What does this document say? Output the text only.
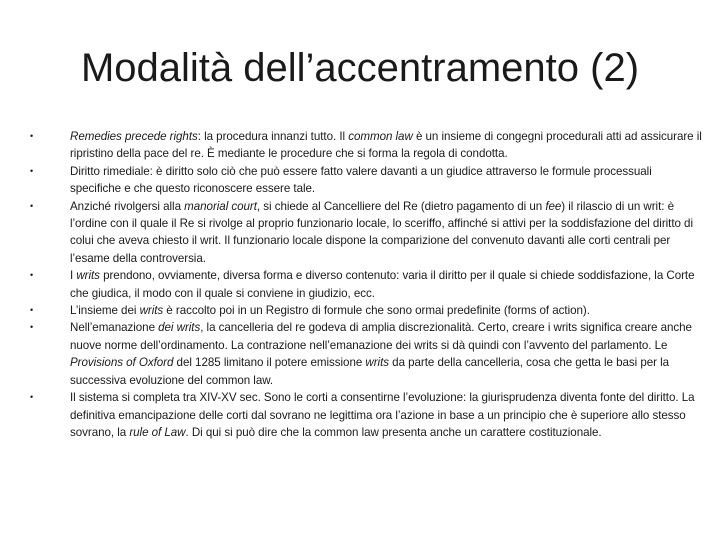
Modalità dell’accentramento (2)
•	Remedies precede rights: la procedura innanzi tutto. Il common law è un insieme di congegni procedurali atti ad assicurare il ripristino della pace del re. È mediante le procedure che si forma la regola di condotta.
•	Diritto rimediale: è diritto solo ciò che può essere fatto valere davanti a un giudice attraverso le formule processuali specifiche e che questo riconoscere essere tale.
•	Anziché rivolgersi alla manorial court, si chiede al Cancelliere del Re (dietro pagamento di un fee) il rilascio di un writ: è l’ordine con il quale il Re si rivolge al proprio funzionario locale, lo sceriffo, affinché si attivi per la soddisfazione del diritto di colui che aveva chiesto il writ. Il funzionario locale dispone la comparizione del convenuto davanti alle corti centrali per l’esame della controversia.
•	I writs prendono, ovviamente, diversa forma e diverso contenuto: varia il diritto per il quale si chiede soddisfazione, la Corte che giudica, il modo con il quale si conviene in giudizio, ecc.
•	L’insieme dei writs è raccolto poi in un Registro di formule che sono ormai predefinite (forms of action).
•	Nell’emanazione dei writs, la cancelleria del re godeva di amplia discrezionalità. Certo, creare i writs significa creare anche nuove norme dell’ordinamento. La contrazione nell’emanazione dei writs si dà quindi con l’avvento del parlamento. Le Provisions of Oxford del 1285 limitano il potere emissione writs da parte della cancelleria, cosa che getta le basi per la successiva evoluzione del common law.
•	Il sistema si completa tra XIV-XV sec. Sono le corti a consentirne l’evoluzione: la giurisprudenza diventa fonte del diritto. La definitiva emancipazione delle corti dal sovrano ne legittima ora l’azione in base a un principio che è superiore allo stesso sovrano, la rule of Law. Di qui si può dire che la common law presenta anche un carattere costituzionale.
